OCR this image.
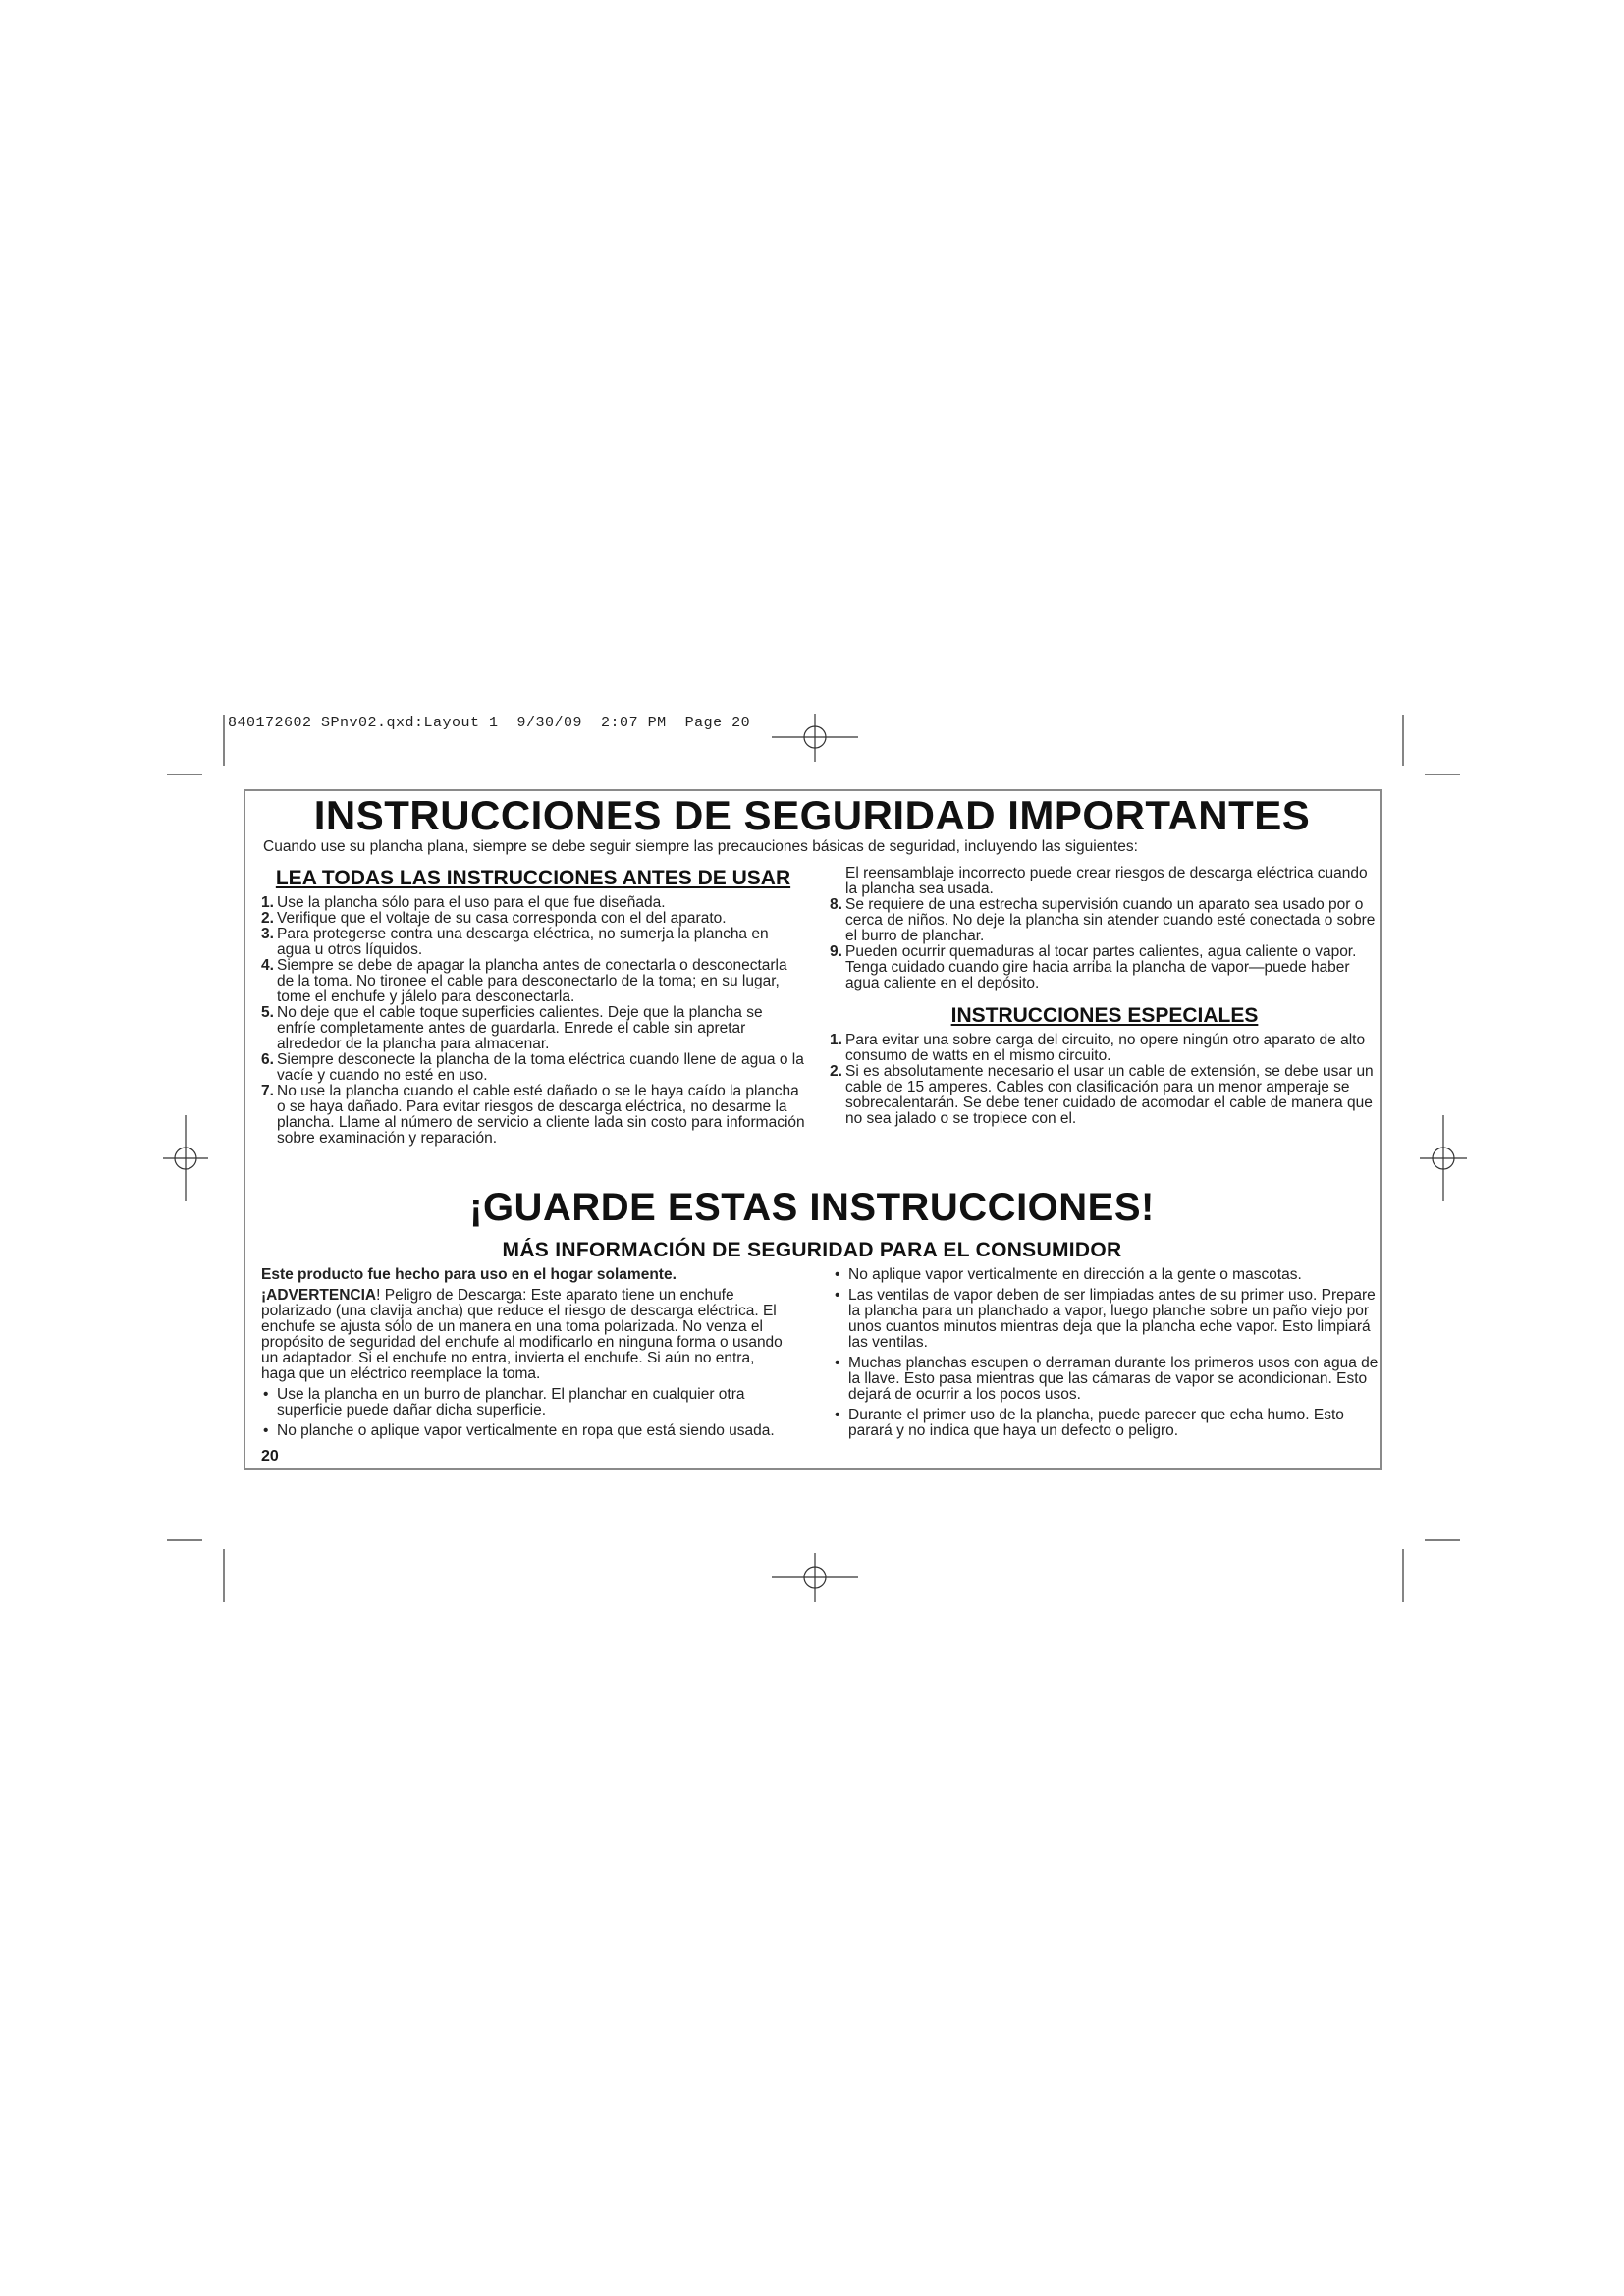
840172602 SPnv02.qxd:Layout 1  9/30/09  2:07 PM  Page 20
INSTRUCCIONES DE SEGURIDAD IMPORTANTES
Cuando use su plancha plana, siempre se debe seguir siempre las precauciones básicas de seguridad, incluyendo las siguientes:
LEA TODAS LAS INSTRUCCIONES ANTES DE USAR
1. Use la plancha sólo para el uso para el que fue diseñada.
2. Verifique que el voltaje de su casa corresponda con el del aparato.
3. Para protegerse contra una descarga eléctrica, no sumerja la plancha en agua u otros líquidos.
4. Siempre se debe de apagar la plancha antes de conectarla o desconectarla de la toma. No tironee el cable para desconectarlo de la toma; en su lugar, tome el enchufe y jálelo para desconectarla.
5. No deje que el cable toque superficies calientes. Deje que la plancha se enfríe completamente antes de guardarla. Enrede el cable sin apretar alrededor de la plancha para almacenar.
6. Siempre desconecte la plancha de la toma eléctrica cuando llene de agua o la vacíe y cuando no esté en uso.
7. No use la plancha cuando el cable esté dañado o se le haya caído la plancha o se haya dañado. Para evitar riesgos de descarga eléctrica, no desarme la plancha. Llame al número de servicio a cliente lada sin costo para información sobre examinación y reparación.
El reensamblaje incorrecto puede crear riesgos de descarga eléctrica cuando la plancha sea usada.
8. Se requiere de una estrecha supervisión cuando un aparato sea usado por o cerca de niños. No deje la plancha sin atender cuando esté conectada o sobre el burro de planchar.
9. Pueden ocurrir quemaduras al tocar partes calientes, agua caliente o vapor. Tenga cuidado cuando gire hacia arriba la plancha de vapor—puede haber agua caliente en el depósito.
INSTRUCCIONES ESPECIALES
1. Para evitar una sobre carga del circuito, no opere ningún otro aparato de alto consumo de watts en el mismo circuito.
2. Si es absolutamente necesario el usar un cable de extensión, se debe usar un cable de 15 amperes. Cables con clasificación para un menor amperaje se sobrecalentarán. Se debe tener cuidado de acomodar el cable de manera que no sea jalado o se tropiece con el.
¡GUARDE ESTAS INSTRUCCIONES!
MÁS INFORMACIÓN DE SEGURIDAD PARA EL CONSUMIDOR

Este producto fue hecho para uso en el hogar solamente.

¡ADVERTENCIA! Peligro de Descarga: Este aparato tiene un enchufe polarizado (una clavija ancha) que reduce el riesgo de descarga eléctrica. El enchufe se ajusta sólo de un manera en una toma polarizada. No venza el propósito de seguridad del enchufe al modificarlo en ninguna forma o usando un adaptador. Si el enchufe no entra, invierta el enchufe. Si aún no entra, haga que un eléctrico reemplace la toma.

• Use la plancha en un burro de planchar. El planchar en cualquier otra superficie puede dañar dicha superficie.
• No planche o aplique vapor verticalmente en ropa que está siendo usada.
• No aplique vapor verticalmente en dirección a la gente o mascotas.
• Las ventilas de vapor deben de ser limpiadas antes de su primer uso. Prepare la plancha para un planchado a vapor, luego planche sobre un paño viejo por unos cuantos minutos mientras deja que la plancha eche vapor. Esto limpiará las ventilas.
• Muchas planchas escupen o derraman durante los primeros usos con agua de la llave. Esto pasa mientras que las cámaras de vapor se acondicionan. Esto dejará de ocurrir a los pocos usos.
• Durante el primer uso de la plancha, puede parecer que echa humo. Esto parará y no indica que haya un defecto o peligro.
20
